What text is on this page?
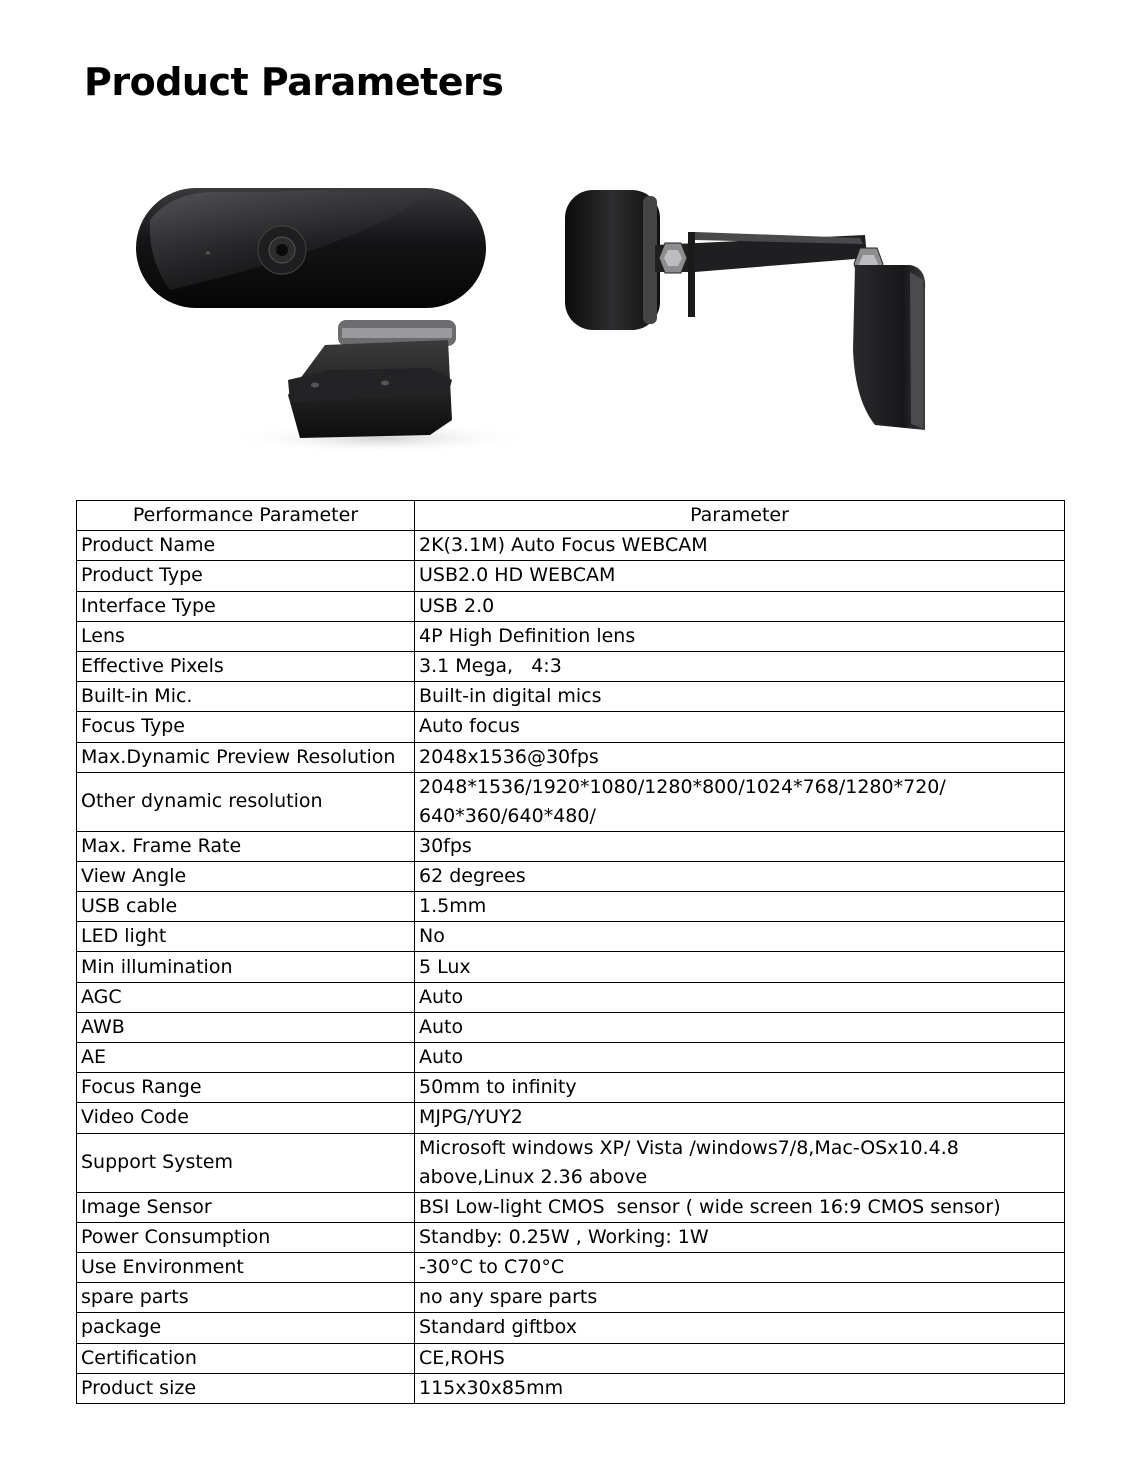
Product Parameters
Performance Parameter	Parameter
Product Name	2K(3.1M) Auto Focus WEBCAM
Product Type	USB2.0 HD WEBCAM
Interface Type	USB 2.0
Lens	4P High Definition lens
Effective Pixels	3.1 Mega,   4:3
Built-in Mic.	Built-in digital mics
Focus Type	Auto focus
Max.Dynamic Preview Resolution	2048x1536@30fps
Other dynamic resolution	2048*1536/1920*1080/1280*800/1024*768/1280*720/
640*360/640*480/

Max. Frame Rate	30fps
View Angle	62 degrees
USB cable	1.5mm
LED light	No
Min illumination	5 Lux
AGC	Auto
AWB	Auto
AE	Auto
Focus Range	50mm to infinity
Video Code	MJPG/YUY2
Support System	Microsoft windows XP/ Vista /windows7/8,Mac-OSx10.4.8
above,Linux 2.36 above

Image Sensor	BSI Low-light CMOS  sensor ( wide screen 16:9 CMOS sensor)
Power Consumption	Standby: 0.25W , Working: 1W
Use Environment	-30°C to C70°C
spare parts	no any spare parts
package	Standard giftbox
Certification	CE,ROHS
Product size	115x30x85mm
